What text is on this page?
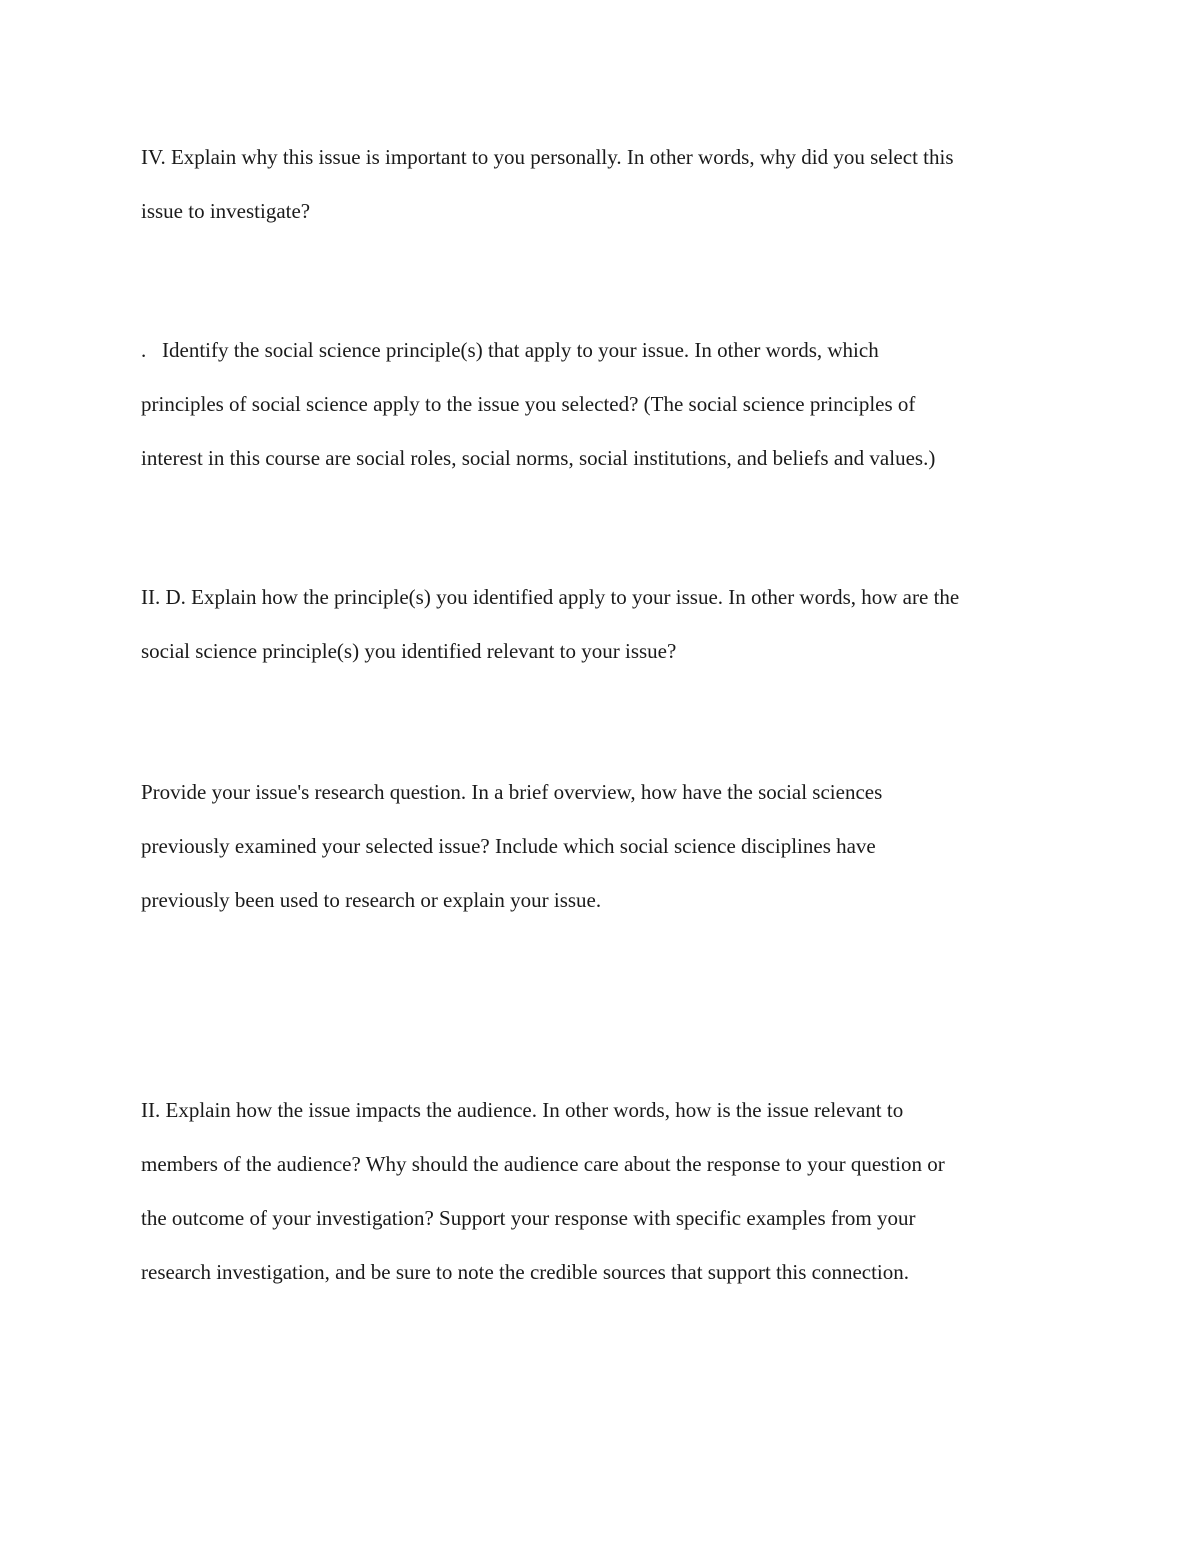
IV. Explain why this issue is important to you personally. In other words, why did you select this
issue to investigate?

.   Identify the social science principle(s) that apply to your issue. In other words, which
principles of social science apply to the issue you selected? (The social science principles of
interest in this course are social roles, social norms, social institutions, and beliefs and values.)

II. D. Explain how the principle(s) you identified apply to your issue. In other words, how are the
social science principle(s) you identified relevant to your issue?

Provide your issue's research question. In a brief overview, how have the social sciences
previously examined your selected issue? Include which social science disciplines have
previously been used to research or explain your issue.

II. Explain how the issue impacts the audience. In other words, how is the issue relevant to
members of the audience? Why should the audience care about the response to your question or
the outcome of your investigation? Support your response with specific examples from your
research investigation, and be sure to note the credible sources that support this connection.
